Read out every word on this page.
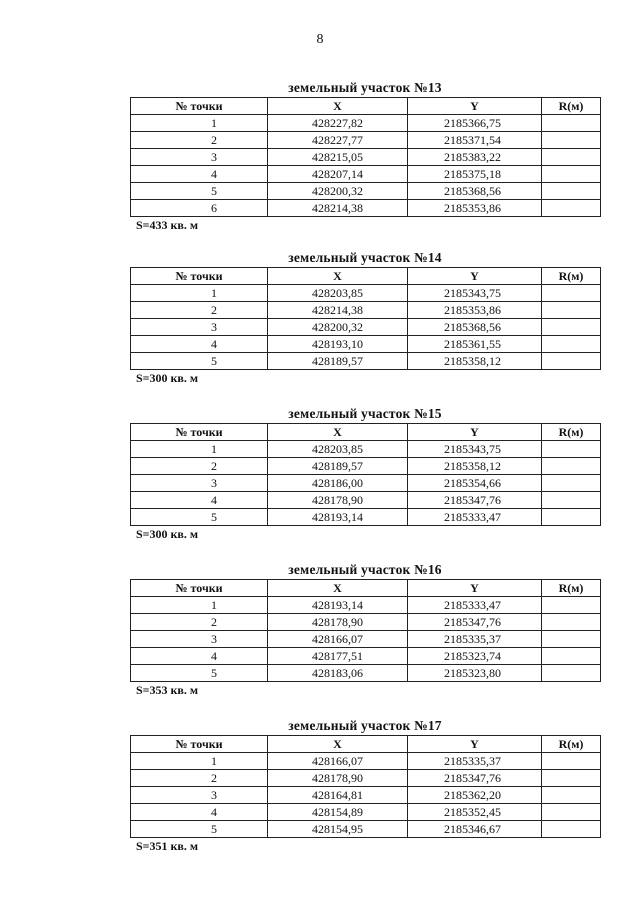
8
земельный участок №13
№ точки	X	Y	R(м)
1	428227,82	2185366,75	
2	428227,77	2185371,54	
3	428215,05	2185383,22	
4	428207,14	2185375,18	
5	428200,32	2185368,56	
6	428214,38	2185353,86	
S=433 кв. м
земельный участок №14
№ точки	X	Y	R(м)
1	428203,85	2185343,75	
2	428214,38	2185353,86	
3	428200,32	2185368,56	
4	428193,10	2185361,55	
5	428189,57	2185358,12	
S=300 кв. м
земельный участок №15
№ точки	X	Y	R(м)
1	428203,85	2185343,75	
2	428189,57	2185358,12	
3	428186,00	2185354,66	
4	428178,90	2185347,76	
5	428193,14	2185333,47	
S=300 кв. м
земельный участок №16
№ точки	X	Y	R(м)
1	428193,14	2185333,47	
2	428178,90	2185347,76	
3	428166,07	2185335,37	
4	428177,51	2185323,74	
5	428183,06	2185323,80	
S=353 кв. м
земельный участок №17
№ точки	X	Y	R(м)
1	428166,07	2185335,37	
2	428178,90	2185347,76	
3	428164,81	2185362,20	
4	428154,89	2185352,45	
5	428154,95	2185346,67	
S=351 кв. м
